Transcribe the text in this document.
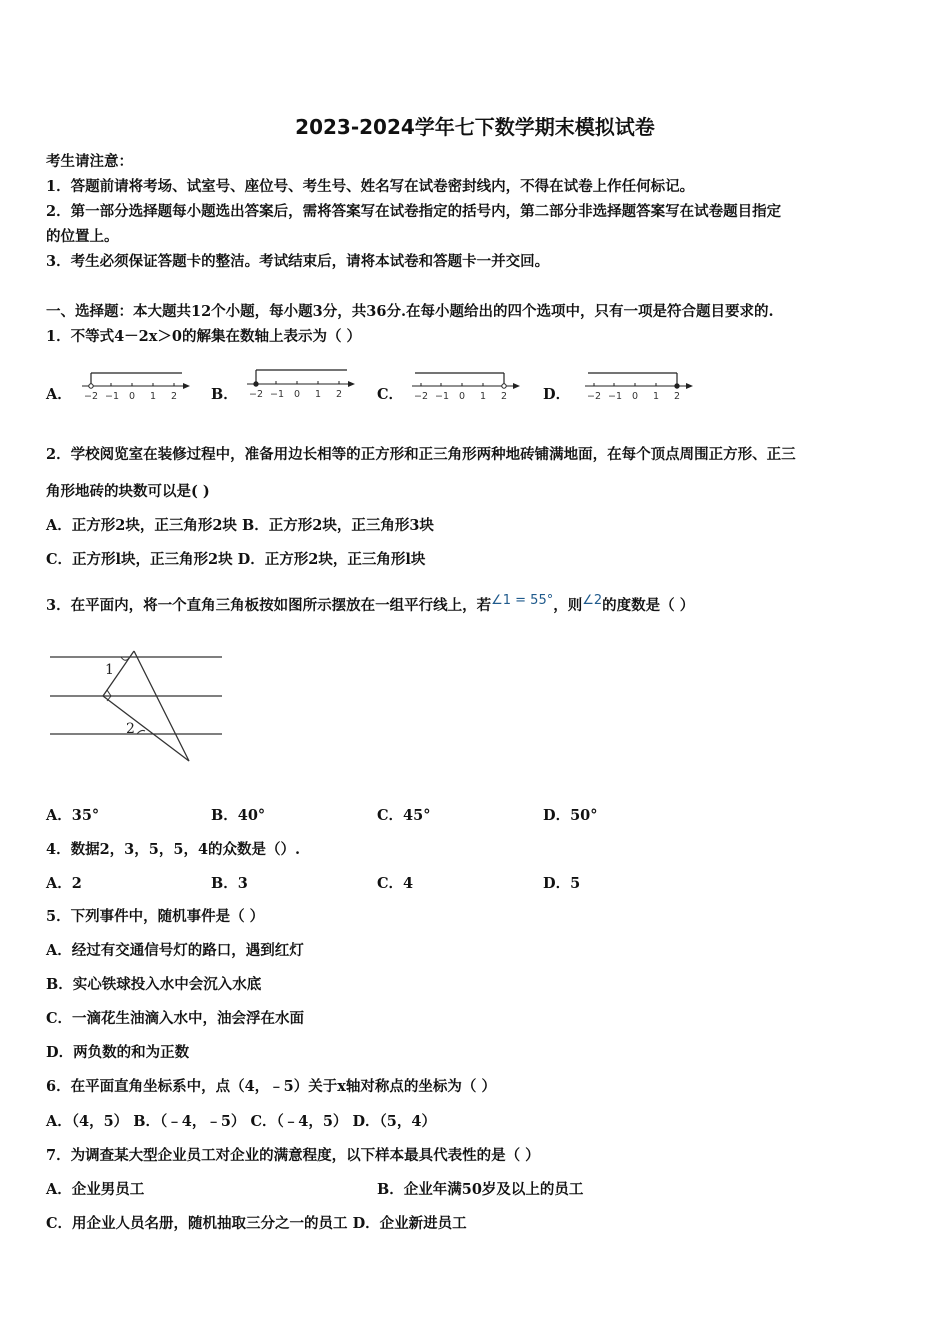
2023-2024学年七下数学期末模拟试卷
考生请注意：
1．答题前请将考场、试室号、座位号、考生号、姓名写在试卷密封线内，不得在试卷上作任何标记。
2．第一部分选择题每小题选出答案后，需将答案写在试卷指定的括号内，第二部分非选择题答案写在试卷题目指定
的位置上。
3．考生必须保证答题卡的整洁。考试结束后，请将本试卷和答题卡一并交回。
一、选择题：本大题共12个小题，每小题3分，共36分.在每小题给出的四个选项中，只有一项是符合题目要求的.
1．不等式4－2x＞0的解集在数轴上表示为（ ）
A． −2 −1 0 1 2 B． −2 −1 0 1 2 C． −2 −1 0 1 2 D． −2 −1 0 1 2
2．学校阅览室在装修过程中，准备用边长相等的正方形和正三角形两种地砖铺满地面，在每个顶点周围正方形、正三
角形地砖的块数可以是( )
A．正方形2块，正三角形2块 B．正方形2块，正三角形3块
C．正方形l块，正三角形2块 D．正方形2块，正三角形l块
3．在平面内，将一个直角三角板按如图所示摆放在一组平行线上，若∠1 = 55°，则∠2的度数是（ ）
1
2
A．35°	B．40°	C．45°	D．50°
4．数据2，3，5，5，4的众数是（）.
A．2	B．3	C．4	D．5
5．下列事件中，随机事件是（ ）
A．经过有交通信号灯的路口，遇到红灯
B．实心铁球投入水中会沉入水底
C．一滴花生油滴入水中，油会浮在水面
D．两负数的和为正数
6．在平面直角坐标系中，点（4，﹣5）关于x轴对称点的坐标为（ ）
A．（4，5） B．（﹣4，﹣5） C．（﹣4，5） D．（5，4）
7．为调查某大型企业员工对企业的满意程度，以下样本最具代表性的是（ ）
A．企业男员工	B．企业年满50岁及以上的员工
C．用企业人员名册，随机抽取三分之一的员工 D．企业新进员工
